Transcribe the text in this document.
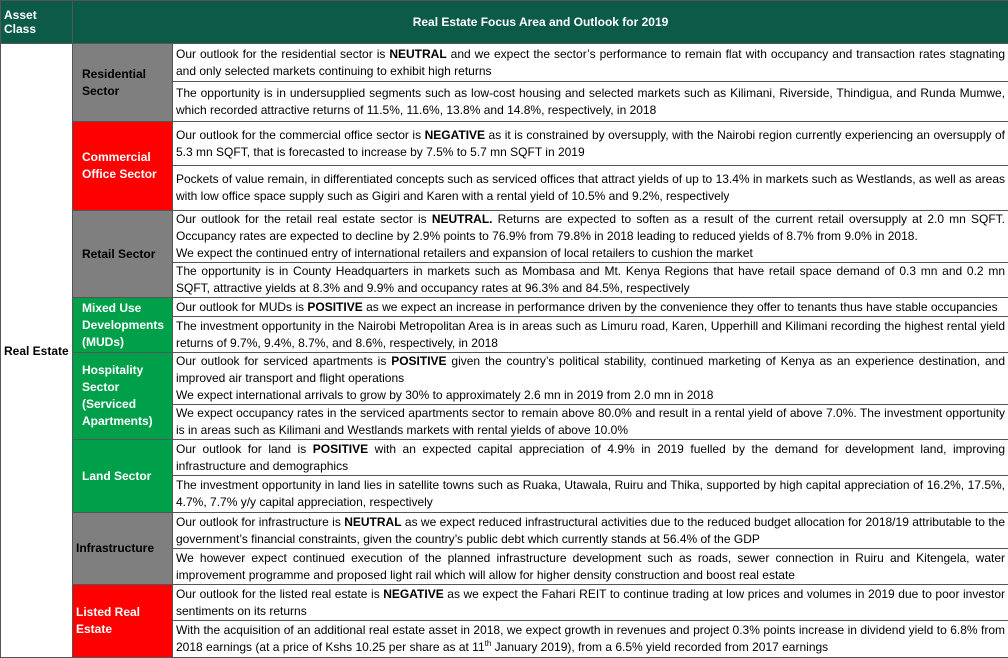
Asset Class	Real Estate Focus Area and Outlook for 2019	
Real Estate	Residential Sector	Our outlook for the residential sector is NEUTRAL and we expect the sector’s performance to remain flat with occupancy and transaction rates stagnating and only selected markets continuing to exhibit high returns
		The opportunity is in undersupplied segments such as low-cost housing and selected markets such as Kilimani, Riverside, Thindigua, and Runda Mumwe, which recorded attractive returns of 11.5%, 11.6%, 13.8% and 14.8%, respectively, in 2018

	Commercial Office Sector	Our outlook for the commercial office sector is NEGATIVE as it is constrained by oversupply, with the Nairobi region currently experiencing an oversupply of 5.3 mn SQFT, that is forecasted to increase by 7.5% to 5.7 mn SQFT in 2019
		Pockets of value remain, in differentiated concepts such as serviced offices that attract yields of up to 13.4% in markets such as Westlands, as well as areas with low office space supply such as Gigiri and Karen with a rental yield of 10.5% and 9.2%, respectively

	Retail Sector	Our outlook for the retail real estate sector is NEUTRAL. Returns are expected to soften as a result of the current retail oversupply at 2.0 mn SQFT. Occupancy rates are expected to decline by 2.9% points to 76.9% from 79.8% in 2018 leading to reduced yields of 8.7% from 9.0% in 2018.
We expect the continued entry of international retailers and expansion of local retailers to cushion the market

		The opportunity is in County Headquarters in markets such as Mombasa and Mt. Kenya Regions that have retail space demand of 0.3 mn and 0.2 mn SQFT, attractive yields at 8.3% and 9.9% and occupancy rates at 96.3% and 84.5%, respectively

	Mixed Use Developments (MUDs)	Our outlook for MUDs is POSITIVE as we expect an increase in performance driven by the convenience they offer to tenants thus have stable occupancies
		The investment opportunity in the Nairobi Metropolitan Area is in areas such as Limuru road, Karen, Upperhill and Kilimani recording the highest rental yield returns of 9.7%, 9.4%, 8.7%, and 8.6%, respectively, in 2018

	Hospitality Sector (Serviced Apartments)	Our outlook for serviced apartments is POSITIVE given the country’s political stability, continued marketing of Kenya as an experience destination, and improved air transport and flight operations
We expect international arrivals to grow by 30% to approximately 2.6 mn in 2019 from 2.0 mn in 2018

		We expect occupancy rates in the serviced apartments sector to remain above 80.0% and result in a rental yield of above 7.0%. The investment opportunity is in areas such as Kilimani and Westlands markets with rental yields of above 10.0%

	Land Sector	Our outlook for land is POSITIVE with an expected capital appreciation of 4.9% in 2019 fuelled by the demand for development land, improving infrastructure and demographics
		The investment opportunity in land lies in satellite towns such as Ruaka, Utawala, Ruiru and Thika, supported by high capital appreciation of 16.2%, 17.5%, 4.7%, 7.7% y/y capital appreciation, respectively

	Infrastructure	Our outlook for infrastructure is NEUTRAL as we expect reduced infrastructural activities due to the reduced budget allocation for 2018/19 attributable to the government’s financial constraints, given the country’s public debt which currently stands at 56.4% of the GDP
		We however expect continued execution of the planned infrastructure development such as roads, sewer connection in Ruiru and Kitengela, water improvement programme and proposed light rail which will allow for higher density construction and boost real estate

	Listed Real Estate	Our outlook for the listed real estate is NEGATIVE as we expect the Fahari REIT to continue trading at low prices and volumes in 2019 due to poor investor sentiments on its returns
		With the acquisition of an additional real estate asset in 2018, we expect growth in revenues and project 0.3% points increase in dividend yield to 6.8% from 2018 earnings (at a price of Kshs 10.25 per share as at 11th January 2019), from a 6.5% yield recorded from 2017 earnings
